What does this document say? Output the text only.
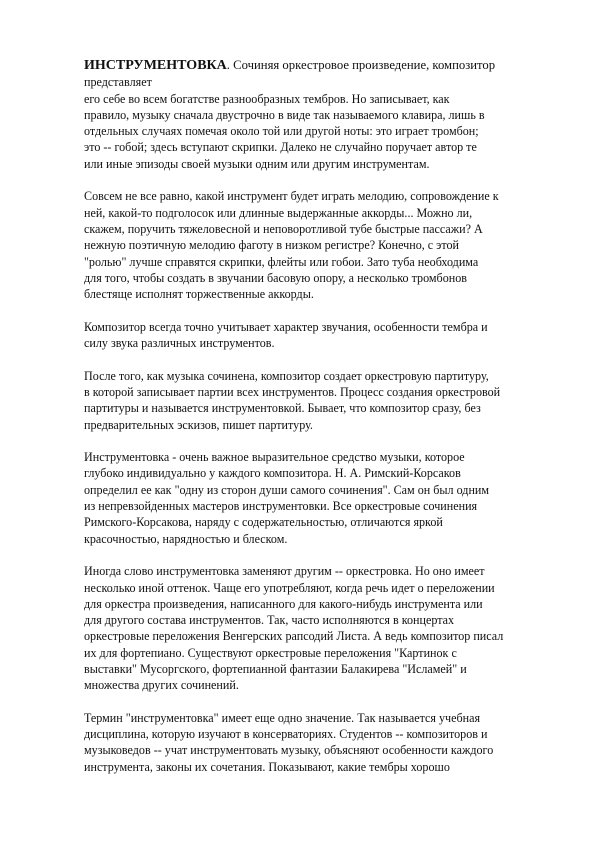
ИНСТРУМЕНТОВКА. Сочиняя оркестровое произведение, композитор
представляет
его себе во всем богатстве разнообразных тембров. Но записывает, как
правило, музыку сначала двустрочно в виде так называемого клавира, лишь в
отдельных случаях помечая около той или другой ноты: это играет тромбон;
это -- гобой; здесь вступают скрипки. Далеко не случайно поручает автор те
или иные эпизоды своей музыки одним или другим инструментам.

Совсем не все равно, какой инструмент будет играть мелодию, сопровождение к
ней, какой-то подголосок или длинные выдержанные аккорды... Можно ли,
скажем, поручить тяжеловесной и неповоротливой тубе быстрые пассажи? А
нежную поэтичную мелодию фаготу в низком регистре? Конечно, с этой
"ролью" лучше справятся скрипки, флейты или гобои. Зато туба необходима
для того, чтобы создать в звучании басовую опору, а несколько тромбонов
блестяще исполнят торжественные аккорды.

Композитор всегда точно учитывает характер звучания, особенности тембра и
силу звука различных инструментов.

После того, как музыка сочинена, композитор создает оркестровую партитуру,
в которой записывает партии всех инструментов. Процесс создания оркестровой
партитуры и называется инструментовкой. Бывает, что композитор сразу, без
предварительных эскизов, пишет партитуру.

Инструментовка - очень важное выразительное средство музыки, которое
глубоко индивидуально у каждого композитора. Н. А. Римский-Корсаков
определил ее как "одну из сторон души самого сочинения". Сам он был одним
из непревзойденных мастеров инструментовки. Все оркестровые сочинения
Римского-Корсакова, наряду с содержательностью, отличаются яркой
красочностью, нарядностью и блеском.

Иногда слово инструментовка заменяют другим -- оркестровка. Но оно имеет
несколько иной оттенок. Чаще его употребляют, когда речь идет о переложении
для оркестра произведения, написанного для какого-нибудь инструмента или
для другого состава инструментов. Так, часто исполняются в концертах
оркестровые переложения Венгерских рапсодий Листа. А ведь композитор писал
их для фортепиано. Существуют оркестровые переложения "Картинок с
выставки" Мусоргского, фортепианной фантазии Балакирева "Исламей" и
множества других сочинений.

Термин "инструментовка" имеет еще одно значение. Так называется учебная
дисциплина, которую изучают в консерваториях. Студентов -- композиторов и
музыковедов -- учат инструментовать музыку, объясняют особенности каждого
инструмента, законы их сочетания. Показывают, какие тембры хорошо
